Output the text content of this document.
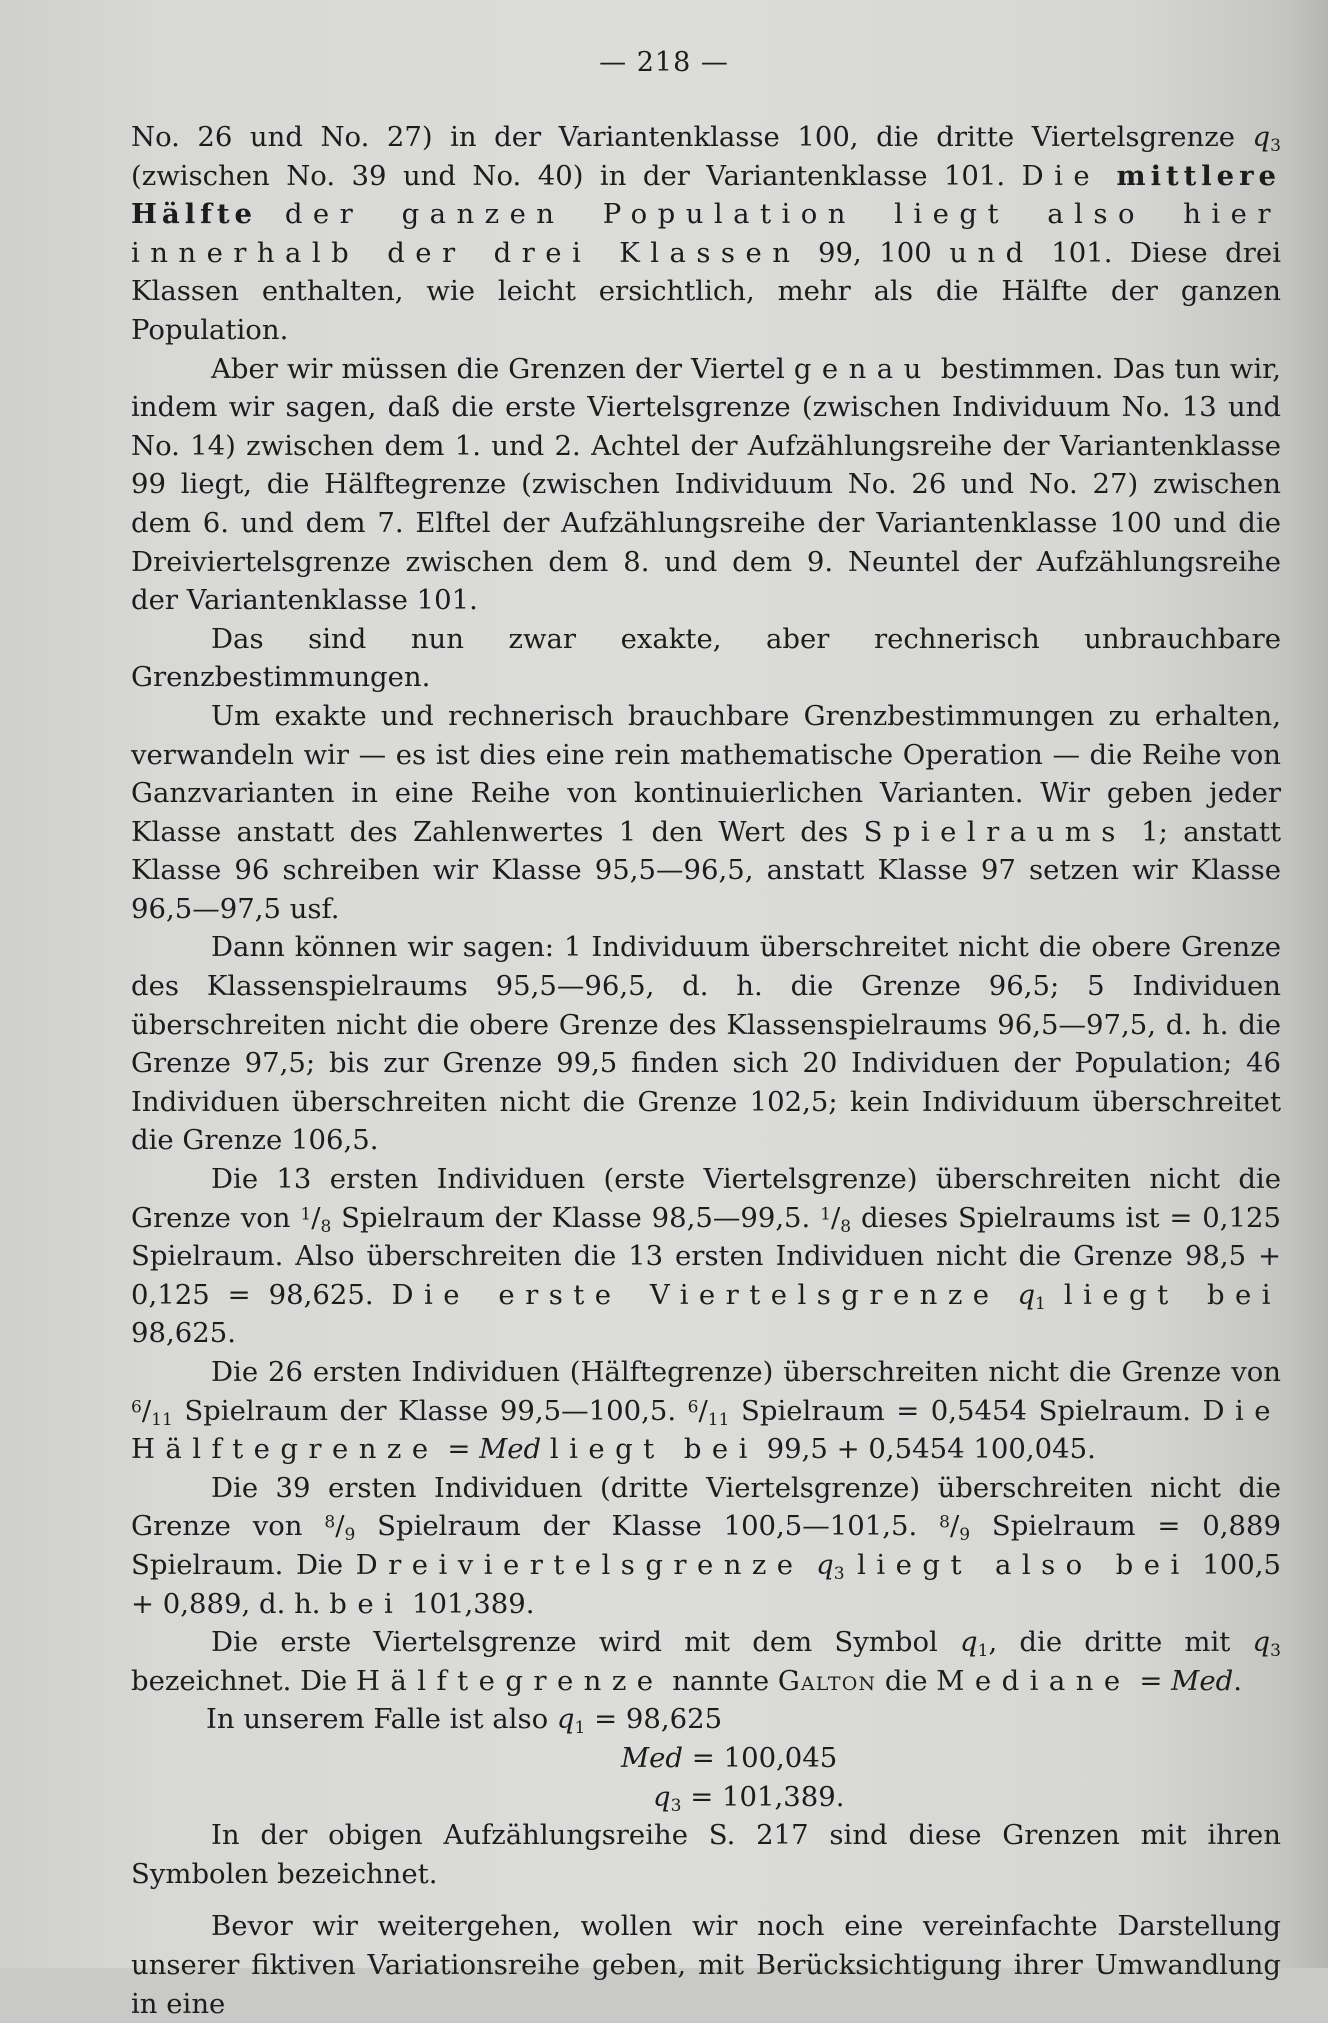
— 218 —

No. 26 und No. 27) in der Variantenklasse 100, die dritte Viertelsgrenze $q_3$ (zwischen No. 39 und No. 40) in der Variantenklasse 101. Die mittlere Hälfte der ganzen Population liegt also hier innerhalb der drei Klassen 99, 100 und 101. Diese drei Klassen enthalten, wie leicht ersichtlich, mehr als die Hälfte der ganzen Population.

Aber wir müssen die Grenzen der Viertel genau bestimmen. Das tun wir, indem wir sagen, daß die erste Viertelsgrenze (zwischen Individuum No. 13 und No. 14) zwischen dem 1. und 2. Achtel der Aufzählungsreihe der Variantenklasse 99 liegt, die Hälftegrenze (zwischen Individuum No. 26 und No. 27) zwischen dem 6. und dem 7. Elftel der Aufzählungsreihe der Variantenklasse 100 und die Dreiviertelsgrenze zwischen dem 8. und dem 9. Neuntel der Aufzählungsreihe der Variantenklasse 101.

Das sind nun zwar exakte, aber rechnerisch unbrauchbare Grenzbestimmungen.

Um exakte und rechnerisch brauchbare Grenzbestimmungen zu erhalten, verwandeln wir — es ist dies eine rein mathematische Operation — die Reihe von Ganzvarianten in eine Reihe von kontinuierlichen Varianten. Wir geben jeder Klasse anstatt des Zahlenwertes 1 den Wert des Spielraums 1; anstatt Klasse 96 schreiben wir Klasse 95,5—96,5, anstatt Klasse 97 setzen wir Klasse 96,5—97,5 usf.

Dann können wir sagen: 1 Individuum überschreitet nicht die obere Grenze des Klassenspielraums 95,5—96,5, d. h. die Grenze 96,5; 5 Individuen überschreiten nicht die obere Grenze des Klassenspielraums 96,5—97,5, d. h. die Grenze 97,5; bis zur Grenze 99,5 finden sich 20 Individuen der Population; 46 Individuen überschreiten nicht die Grenze 102,5; kein Individuum überschreitet die Grenze 106,5.

Die 13 ersten Individuen (erste Viertelsgrenze) überschreiten nicht die Grenze von $^1$/8 Spielraum der Klasse 98,5—99,5. $^1$/8 dieses Spielraums ist = 0,125 Spielraum. Also überschreiten die 13 ersten Individuen nicht die Grenze 98,5 + 0,125 = 98,625. Die erste Viertelsgrenze $q_1$ liegt bei 98,625.

Die 26 ersten Individuen (Hälftegrenze) überschreiten nicht die Grenze von $^6$/11 Spielraum der Klasse 99,5—100,5. $^6$/11 Spielraum = 0,5454 Spielraum. Die Hälftegrenze = Med liegt bei 99,5 + 0,5454 100,045.

Die 39 ersten Individuen (dritte Viertelsgrenze) überschreiten nicht die Grenze von $^8$/9 Spielraum der Klasse 100,5—101,5. $^8$/9 Spielraum = 0,889 Spielraum. Die Dreiviertelsgrenze $q_3$ liegt also bei 100,5 + 0,889, d. h. bei 101,389.

Die erste Viertelsgrenze wird mit dem Symbol $q_1$, die dritte mit $q_3$ bezeichnet. Die Hälftegrenze nannte Galton die Mediane = Med.

In unserem Falle ist also $q_1 = 98,625$
Med = 100,045
$q_3 = 101,389$.

In der obigen Aufzählungsreihe S. 217 sind diese Grenzen mit ihren Symbolen bezeichnet.

Bevor wir weitergehen, wollen wir noch eine vereinfachte Darstellung unserer fiktiven Variationsreihe geben, mit Berücksichtigung ihrer Umwandlung in eine
